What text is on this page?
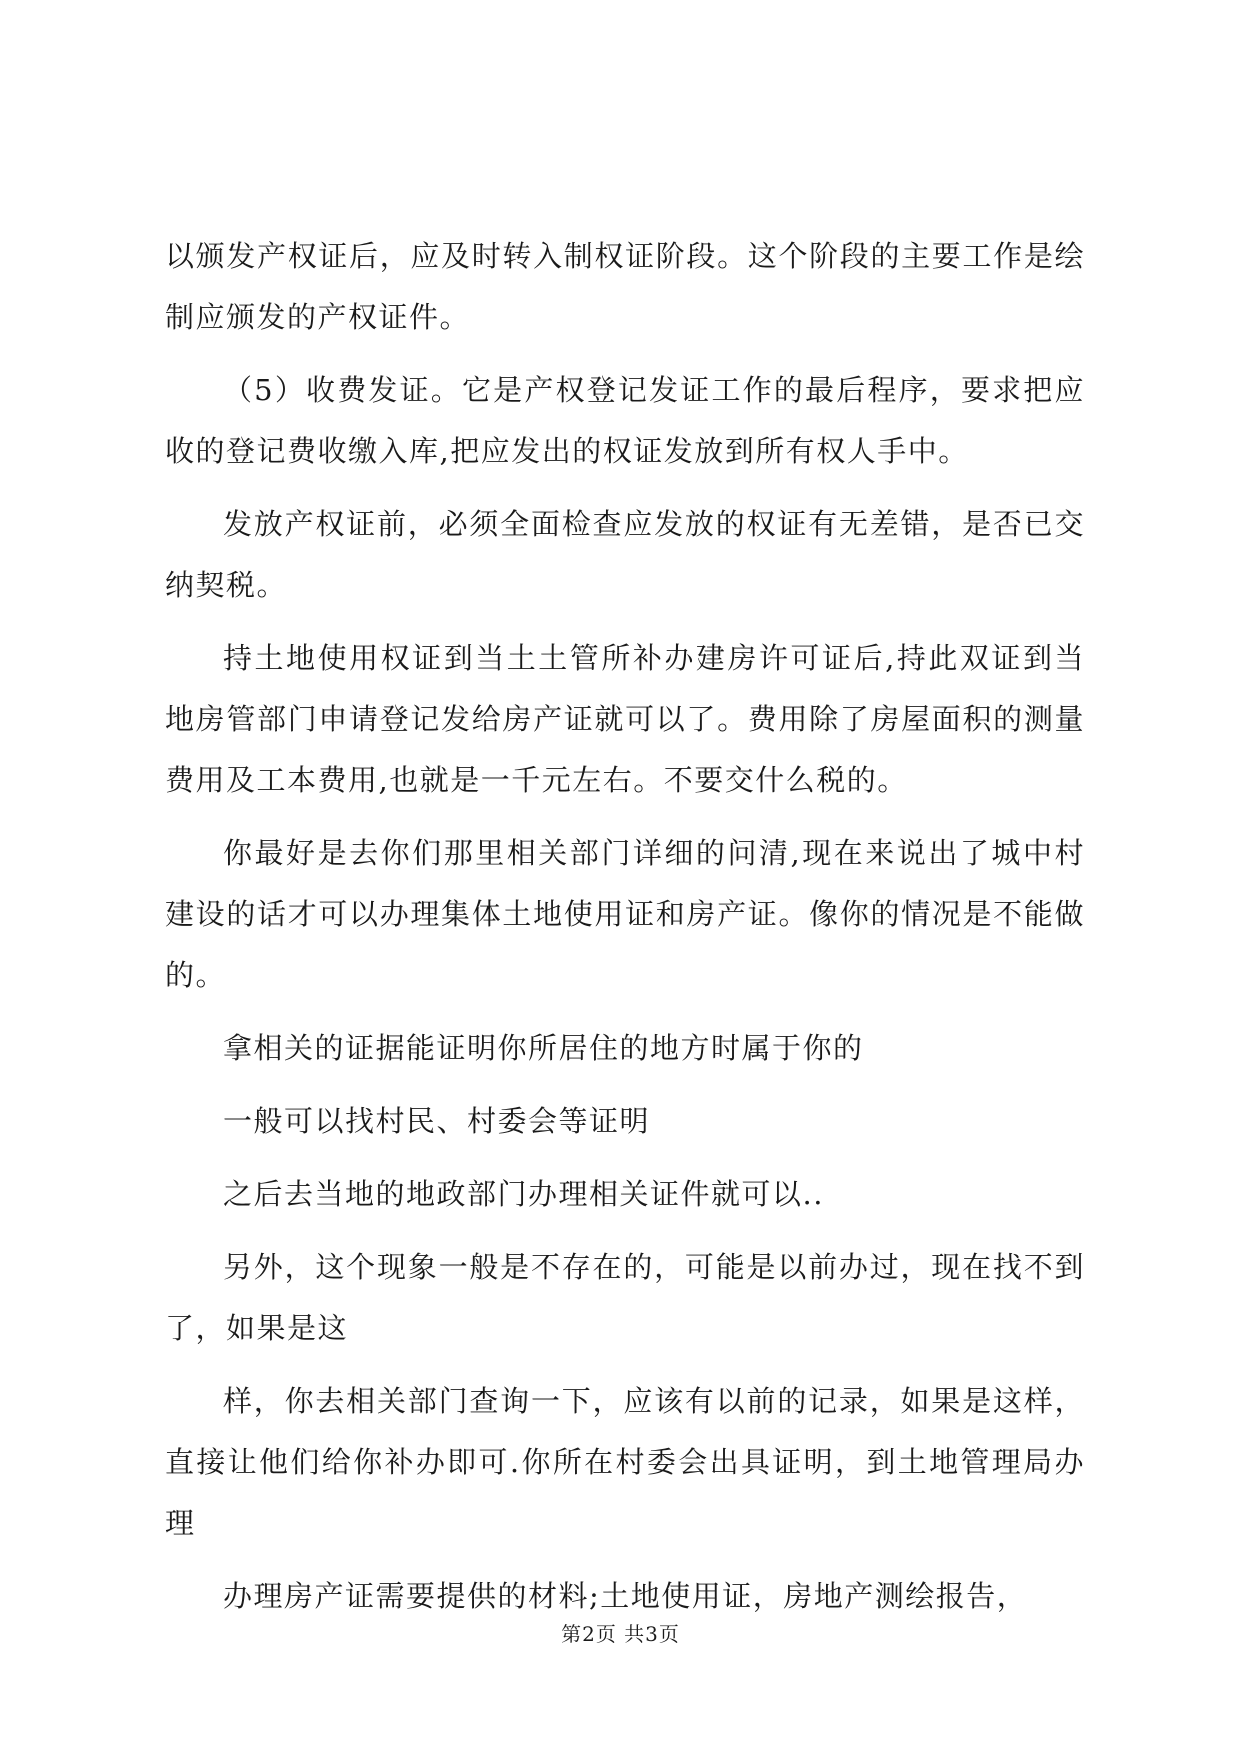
以颁发产权证后，应及时转入制权证阶段。这个阶段的主要工作是绘制应颁发的产权证件。

（5）收费发证。它是产权登记发证工作的最后程序，要求把应收的登记费收缴入库,把应发出的权证发放到所有权人手中。

发放产权证前，必须全面检查应发放的权证有无差错，是否已交纳契税。

持土地使用权证到当土土管所补办建房许可证后,持此双证到当地房管部门申请登记发给房产证就可以了。费用除了房屋面积的测量费用及工本费用,也就是一千元左右。不要交什么税的。

你最好是去你们那里相关部门详细的问清,现在来说出了城中村建设的话才可以办理集体土地使用证和房产证。像你的情况是不能做的。

拿相关的证据能证明你所居住的地方时属于你的

一般可以找村民、村委会等证明

之后去当地的地政部门办理相关证件就可以..

另外，这个现象一般是不存在的，可能是以前办过，现在找不到了，如果是这

样，你去相关部门查询一下，应该有以前的记录，如果是这样，直接让他们给你补办即可.你所在村委会出具证明，到土地管理局办理

办理房产证需要提供的材料;土地使用证，房地产测绘报告，

第2页 共3页
